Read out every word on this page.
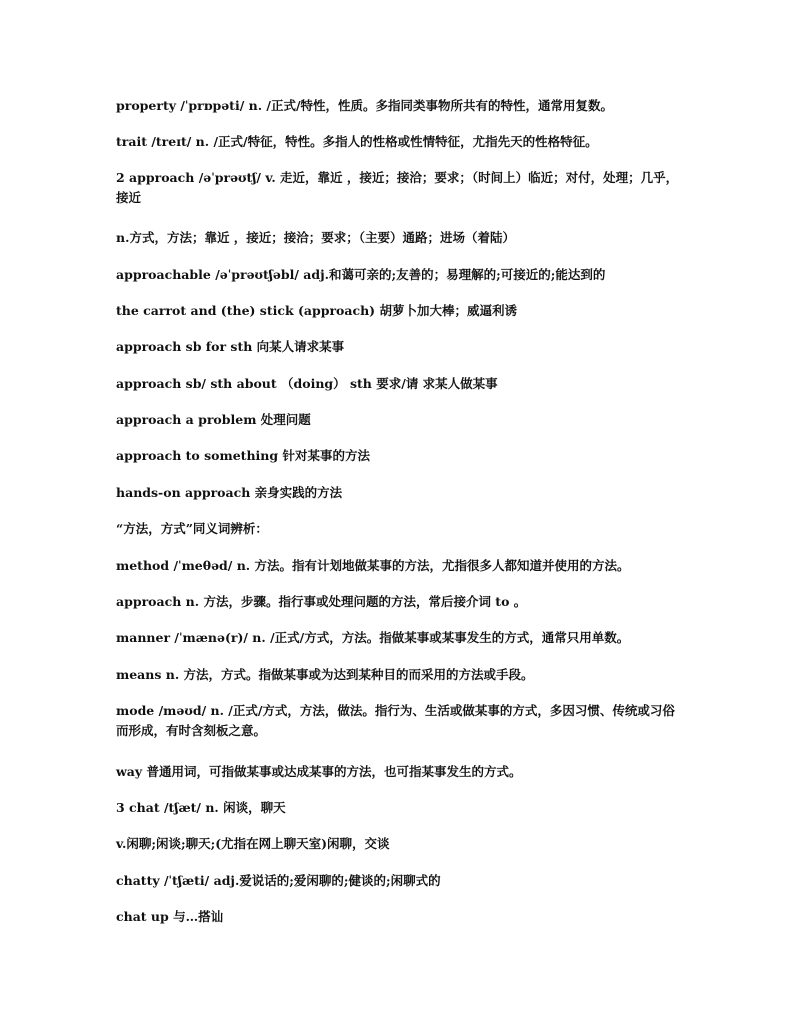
property /ˈprɒpəti/ n. /正式/特性，性质。多指同类事物所共有的特性，通常用复数。
trait /treɪt/ n. /正式/特征，特性。多指人的性格或性情特征，尤指先天的性格特征。
2 approach /əˈprəʊtʃ/ v. 走近，靠近 ，接近；接洽；要求；（时间上）临近；对付，处理；几乎，接近
n.方式，方法；靠近 ，接近；接洽；要求；（主要）通路；进场（着陆）
approachable /əˈprəʊtʃəbl/ adj.和蔼可亲的;友善的；易理解的;可接近的;能达到的
the carrot and (the) stick (approach) 胡萝卜加大棒；威逼利诱
approach sb for sth 向某人请求某事
approach sb/ sth about （doing） sth 要求/请 求某人做某事
approach a problem 处理问题
approach to something 针对某事的方法
hands-on approach 亲身实践的方法
“方法，方式”同义词辨析：
method /ˈmeθəd/ n. 方法。指有计划地做某事的方法，尤指很多人都知道并使用的方法。
approach n. 方法，步骤。指行事或处理问题的方法，常后接介词 to 。
manner /ˈmænə(r)/ n. /正式/方式，方法。指做某事或某事发生的方式，通常只用单数。
means n. 方法，方式。指做某事或为达到某种目的而采用的方法或手段。
mode /məʊd/ n. /正式/方式，方法，做法。指行为、生活或做某事的方式，多因习惯、传统或习俗而形成，有时含刻板之意。
way 普通用词，可指做某事或达成某事的方法，也可指某事发生的方式。
3 chat /tʃæt/ n. 闲谈，聊天
v.闲聊;闲谈;聊天;(尤指在网上聊天室)闲聊，交谈
chatty /ˈtʃæti/ adj.爱说话的;爱闲聊的;健谈的;闲聊式的
chat up 与…搭讪
